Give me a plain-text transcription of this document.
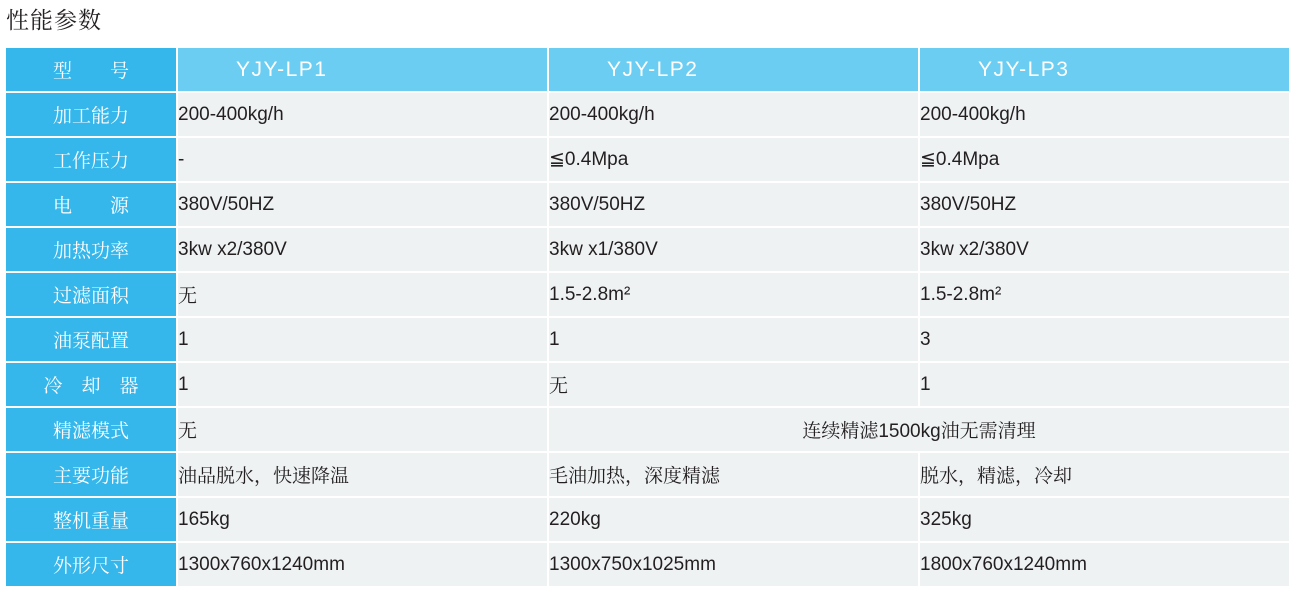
性能参数
型　　号	YJY-LP1	YJY-LP2	YJY-LP3
加工能力	200-400kg/h	200-400kg/h	200-400kg/h
工作压力	-	≦0.4Mpa	≦0.4Mpa
电　　源	380V/50HZ	380V/50HZ	380V/50HZ
加热功率	3kw x2/380V	3kw x1/380V	3kw x2/380V
过滤面积	无	1.5-2.8m²	1.5-2.8m²
油泵配置	1	1	3
冷　却　器	1	无	1
精滤模式	无	连续精滤1500kg油无需清理	
主要功能	油品脱水，快速降温	毛油加热，深度精滤	脱水，精滤，冷却
整机重量	165kg	220kg	325kg
外形尺寸	1300x760x1240mm	1300x750x1025mm	1800x760x1240mm
